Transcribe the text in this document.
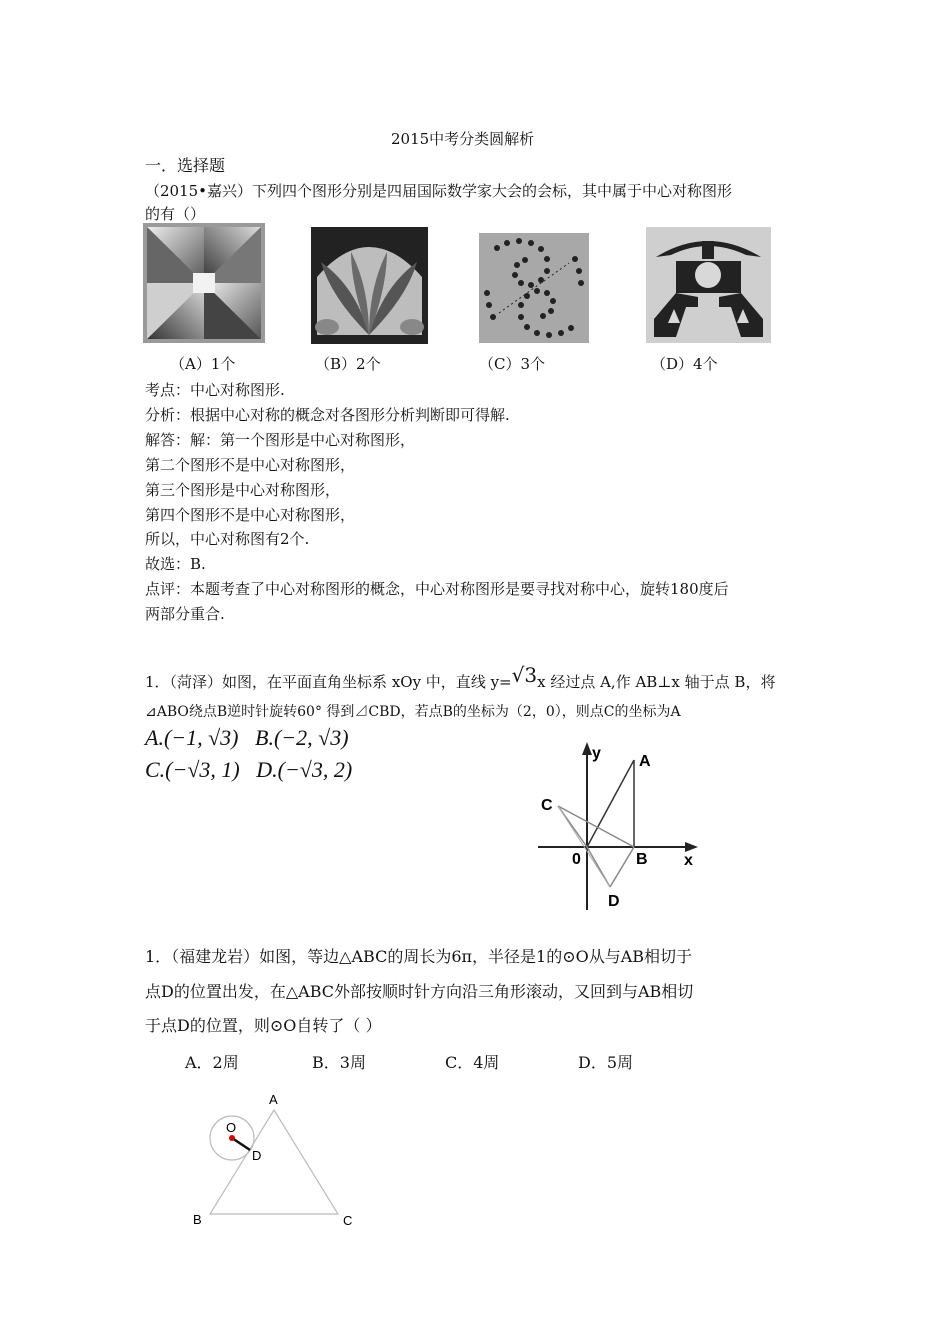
2015中考分类圆解析
一．选择题
（2015•嘉兴）下列四个图形分别是四届国际数学家大会的会标，其中属于中心对称图形
的有（）
（A）1个	（B）2个	（C）3个	（D）4个
考点：中心对称图形.
分析：根据中心对称的概念对各图形分析判断即可得解.
解答：解：第一个图形是中心对称图形，
第二个图形不是中心对称图形，
第三个图形是中心对称图形，
第四个图形不是中心对称图形，
所以，中心对称图有2个.
故选：B.
点评：本题考查了中心对称图形的概念，中心对称图形是要寻找对称中心，旋转180度后
两部分重合.
1．（菏泽）如图，在平面直角坐标系 xOy 中，直线 y=√3x 经过点 A,作 AB⊥x 轴于点 B，将
⊿ABO绕点B逆时针旋转60° 得到⊿CBD，若点B的坐标为（2，0），则点C的坐标为A
A.(−1, √3)   B.(−2, √3)
C.(−√3, 1)   D.(−√3, 2)
y A
C
0	B x
D
1．（福建龙岩）如图，等边△ABC的周长为6π，半径是1的⊙O从与AB相切于
点D的位置出发，在△ABC外部按顺时针方向沿三角形滚动，又回到与AB相切
于点D的位置，则⊙O自转了（ ）
A．2周	B．3周	C．4周	D．5周
A
O
D
B	C
